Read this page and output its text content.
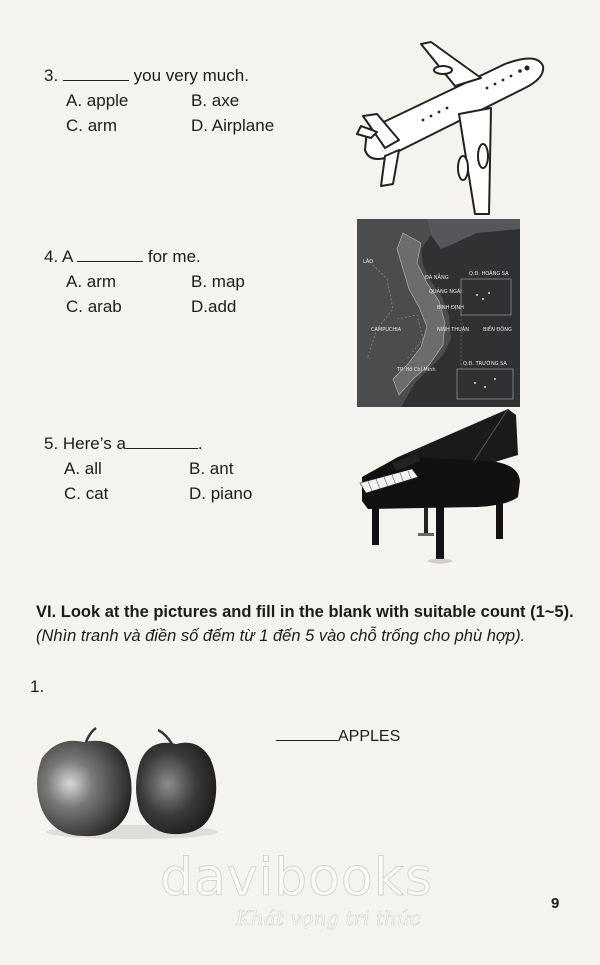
3.	you very much.
A. apple	B. axe
C. arm	D. Airplane
4. A	for me.
A. arm	B. map
C. arab	D.add
LÀO
CAMPUCHIA
Q.Đ. HOÀNG SA
Q.Đ. TRƯỜNG SA
BIỂN ĐÔNG
TP. Hồ Chí Minh
ĐÀ NẴNG
QUẢNG NGÃI
BÌNH ĐỊNH
NINH THUẬN
5. Here’s a	.
A. all	B. ant
C. cat	D. piano
VI. Look at the pictures and fill in the blank with suitable count (1~5). (Nhìn tranh và điền số đếm từ 1 đến 5 vào chỗ trống cho phù hợp).
1.
APPLES
davibooks
Khát vọng tri thức
9
